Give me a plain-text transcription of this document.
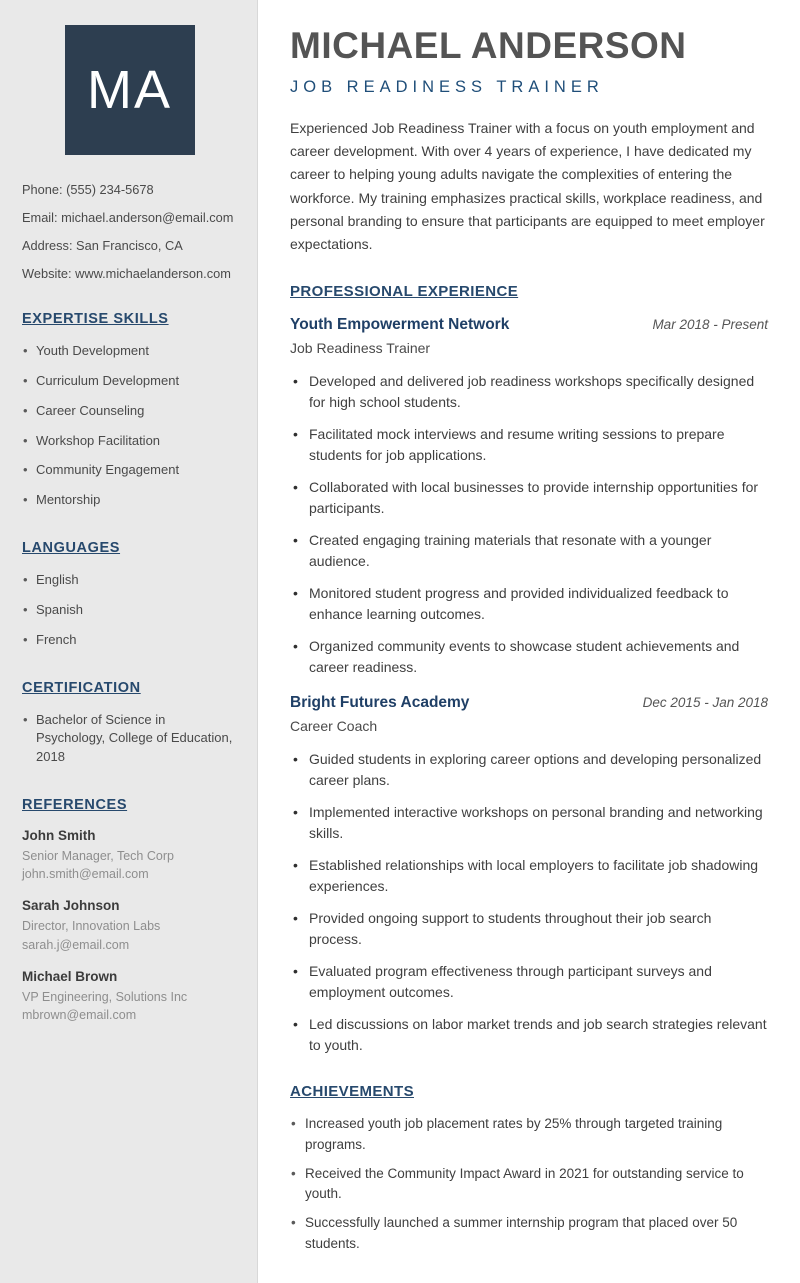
MA
Phone: (555) 234-5678
Email: michael.anderson@email.com
Address: San Francisco, CA
Website: www.michaelanderson.com
EXPERTISE SKILLS
• Youth Development
• Curriculum Development
• Career Counseling
• Workshop Facilitation
• Community Engagement
• Mentorship
LANGUAGES
• English
• Spanish
• French
CERTIFICATION
• Bachelor of Science in Psychology, College of Education, 2018
REFERENCES
John Smith
Senior Manager, Tech Corp
john.smith@email.com
Sarah Johnson
Director, Innovation Labs
sarah.j@email.com
Michael Brown
VP Engineering, Solutions Inc
mbrown@email.com
MICHAEL ANDERSON
JOB READINESS TRAINER

Experienced Job Readiness Trainer with a focus on youth employment and career development. With over 4 years of experience, I have dedicated my career to helping young adults navigate the complexities of entering the workforce. My training emphasizes practical skills, workplace readiness, and personal branding to ensure that participants are equipped to meet employer expectations.

PROFESSIONAL EXPERIENCE
Youth Empowerment Network	Mar 2018 - Present
Job Readiness Trainer
• Developed and delivered job readiness workshops specifically designed for high school students.
• Facilitated mock interviews and resume writing sessions to prepare students for job applications.
• Collaborated with local businesses to provide internship opportunities for participants.
• Created engaging training materials that resonate with a younger audience.
• Monitored student progress and provided individualized feedback to enhance learning outcomes.
• Organized community events to showcase student achievements and career readiness.
Bright Futures Academy	Dec 2015 - Jan 2018
Career Coach
• Guided students in exploring career options and developing personalized career plans.
• Implemented interactive workshops on personal branding and networking skills.
• Established relationships with local employers to facilitate job shadowing experiences.
• Provided ongoing support to students throughout their job search process.
• Evaluated program effectiveness through participant surveys and employment outcomes.
• Led discussions on labor market trends and job search strategies relevant to youth.
ACHIEVEMENTS
• Increased youth job placement rates by 25% through targeted training programs.
• Received the Community Impact Award in 2021 for outstanding service to youth.
• Successfully launched a summer internship program that placed over 50 students.
